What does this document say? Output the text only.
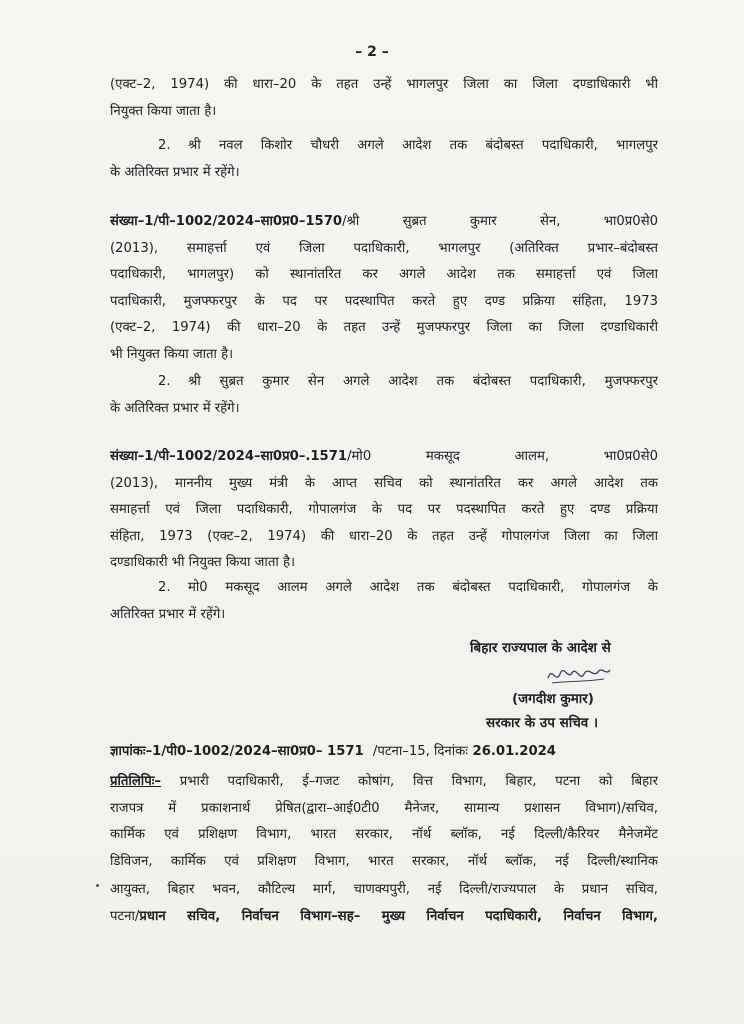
– 2 –
(एक्ट–2, 1974) की धारा–20 के तहत उन्हें भागलपुर जिला का जिला दण्डाधिकारी भी
नियुक्त किया जाता है।
2. श्री नवल किशोर चौधरी अगले आदेश तक बंदोबस्त पदाधिकारी, भागलपुर
के अतिरिक्त प्रभार में रहेंगे।
संख्या–1/पी–1002/2024–सा0प्र0–1570/श्री सुब्रत कुमार सेन, भा0प्र0से0
(2013), समाहर्त्ता एवं जिला पदाधिकारी, भागलपुर (अतिरिक्त प्रभार–बंदोबस्त
पदाधिकारी, भागलपुर) को स्थानांतरित कर अगले आदेश तक समाहर्त्ता एवं जिला
पदाधिकारी, मुजफ्फरपुर के पद पर पदस्थापित करते हुए दण्ड प्रक्रिया संहिता, 1973
(एक्ट–2, 1974) की धारा–20 के तहत उन्हें मुजफ्फरपुर जिला का जिला दण्डाधिकारी
भी नियुक्त किया जाता है।
2. श्री सुब्रत कुमार सेन अगले आदेश तक बंदोबस्त पदाधिकारी, मुजफ्फरपुर
के अतिरिक्त प्रभार में रहेंगे।
संख्या–1/पी–1002/2024–सा0प्र0–.1571/मो0 मकसूद आलम, भा0प्र0से0
(2013), माननीय मुख्य मंत्री के आप्त सचिव को स्थानांतरित कर अगले आदेश तक
समाहर्त्ता एवं जिला पदाधिकारी, गोपालगंज के पद पर पदस्थापित करते हुए दण्ड प्रक्रिया
संहिता, 1973 (एक्ट–2, 1974) की धारा–20 के तहत उन्हें गोपालगंज जिला का जिला
दण्डाधिकारी भी नियुक्त किया जाता है।
2. मो0 मकसूद आलम अगले आदेश तक बंदोबस्त पदाधिकारी, गोपालगंज के
अतिरिक्त प्रभार में रहेंगे।
बिहार राज्यपाल के आदेश से
(जगदीश कुमार)
सरकार के उप सचिव ।
ज्ञापांकः–1/पी0–1002/2024–सा0प्र0– 1571 /पटना–15, दिनांकः 26.01.2024
प्रतिलिपिः– प्रभारी पदाधिकारी, ई–गजट कोषांग, वित्त विभाग, बिहार, पटना को बिहार
राजपत्र में प्रकाशनार्थ प्रेषित(द्वारा–आई0टी0 मैनेजर, सामान्य प्रशासन विभाग)/सचिव,
कार्मिक एवं प्रशिक्षण विभाग, भारत सरकार, नॉर्थ ब्लॉक, नई दिल्ली/कैरियर मैनेजमेंट
डिविजन, कार्मिक एवं प्रशिक्षण विभाग, भारत सरकार, नॉर्थ ब्लॉक, नई दिल्ली/स्थानिक
आयुक्त, बिहार भवन, कौटिल्य मार्ग, चाणक्यपुरी, नई दिल्ली/राज्यपाल के प्रधान सचिव,
पटना/प्रधान सचिव, निर्वाचन विभाग–सह– मुख्य निर्वाचन पदाधिकारी, निर्वाचन विभाग,
